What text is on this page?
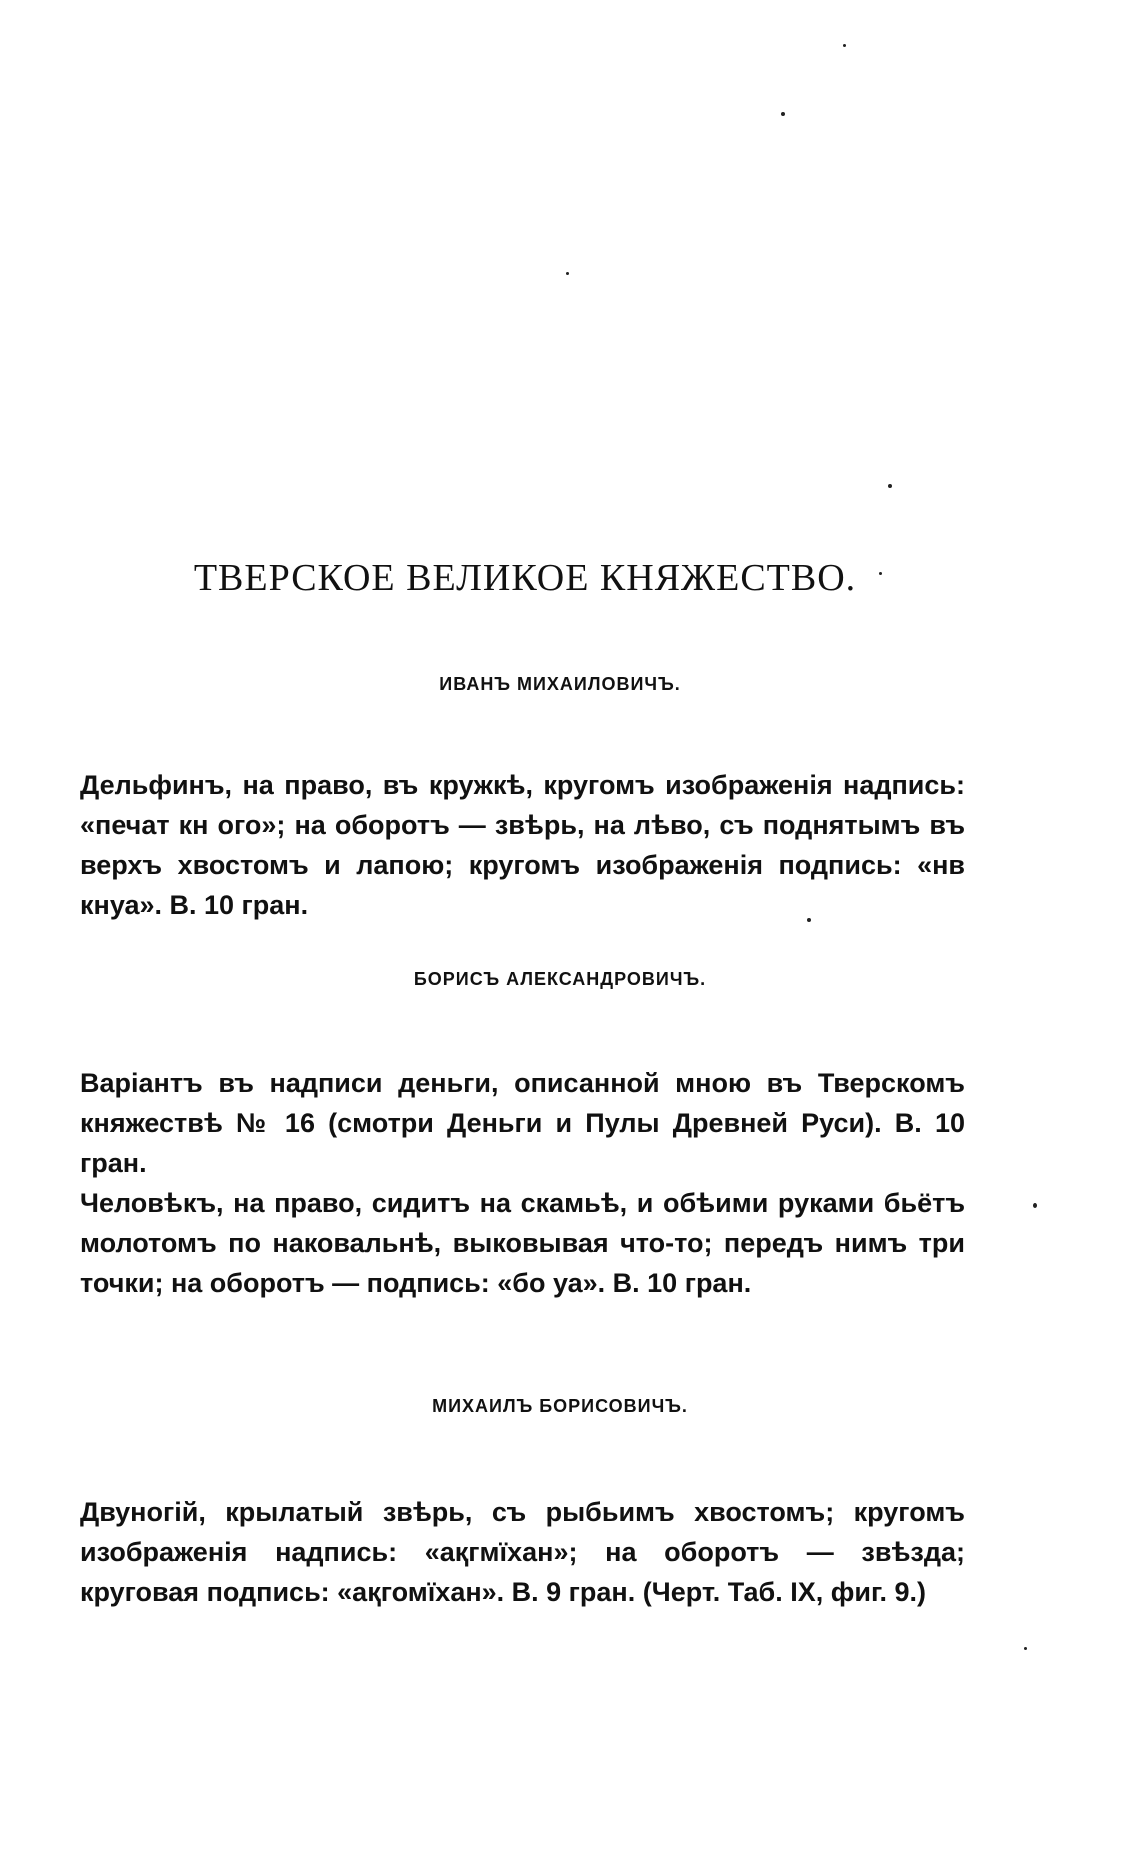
ТВЕРСКОЕ ВЕЛИКОЕ КНЯЖЕСТВО.
ИВАНЪ МИХАИЛОВИЧЪ.

Дельфинъ, на право, въ кружкѣ, кругомъ изображенія надпись: «печат кн ого»; на оборотъ — звѣрь, на лѣво, съ поднятымъ въ верхъ хвостомъ и лапою; кругомъ изображенія подпись: «нв кнуа». В. 10 гран.

БОРИСЪ АЛЕКСАНДРОВИЧЪ.

Варіантъ въ надписи деньги, описанной мною въ Тверскомъ княжествѣ № 16 (смотри Деньги и Пулы Древней Руси). В. 10 гран.

Человѣкъ, на право, сидитъ на скамьѣ, и обѣими руками бьётъ молотомъ по наковальнѣ, выковывая что-то; передъ нимъ три точки; на оборотъ — подпись: «бо уа». В. 10 гран.

МИХАИЛЪ БОРИСОВИЧЪ.

Двуногій, крылатый звѣрь, съ рыбьимъ хвостомъ; кругомъ изображенія надпись: «ақгмїхан»; на оборотъ — звѣзда; круговая подпись: «ақгомїхан». В. 9 гран. (Черт. Таб. IX, фиг. 9.)
